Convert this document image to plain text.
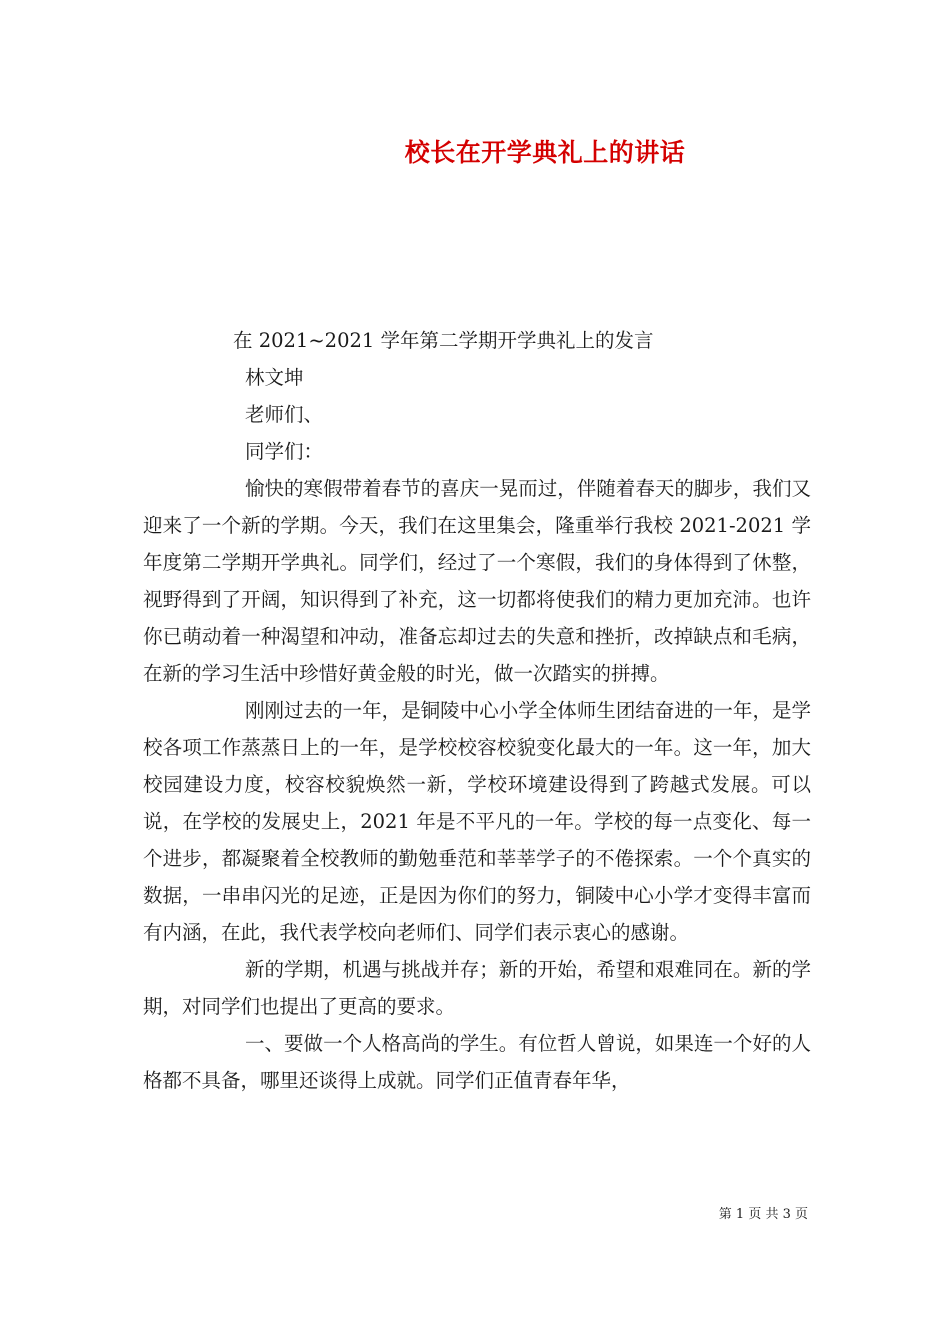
校长在开学典礼上的讲话
在 2021~2021 学年第二学期开学典礼上的发言
林文坤
老师们、
同学们：

愉快的寒假带着春节的喜庆一晃而过，伴随着春天的脚步，我们又迎来了一个新的学期。今天，我们在这里集会，隆重举行我校 2021-2021 学年度第二学期开学典礼。同学们，经过了一个寒假，我们的身体得到了休整，视野得到了开阔，知识得到了补充，这一切都将使我们的精力更加充沛。也许你已萌动着一种渴望和冲动，准备忘却过去的失意和挫折，改掉缺点和毛病，在新的学习生活中珍惜好黄金般的时光，做一次踏实的拼搏。

刚刚过去的一年，是铜陵中心小学全体师生团结奋进的一年，是学校各项工作蒸蒸日上的一年，是学校校容校貌变化最大的一年。这一年，加大校园建设力度，校容校貌焕然一新，学校环境建设得到了跨越式发展。可以说，在学校的发展史上，2021 年是不平凡的一年。学校的每一点变化、每一个进步，都凝聚着全校教师的勤勉垂范和莘莘学子的不倦探索。一个个真实的数据，一串串闪光的足迹，正是因为你们的努力，铜陵中心小学才变得丰富而有内涵，在此，我代表学校向老师们、同学们表示衷心的感谢。

新的学期，机遇与挑战并存；新的开始，希望和艰难同在。新的学期，对同学们也提出了更高的要求。

一、要做一个人格高尚的学生。有位哲人曾说，如果连一个好的人格都不具备，哪里还谈得上成就。同学们正值青春年华，

第 1 页 共 3 页
